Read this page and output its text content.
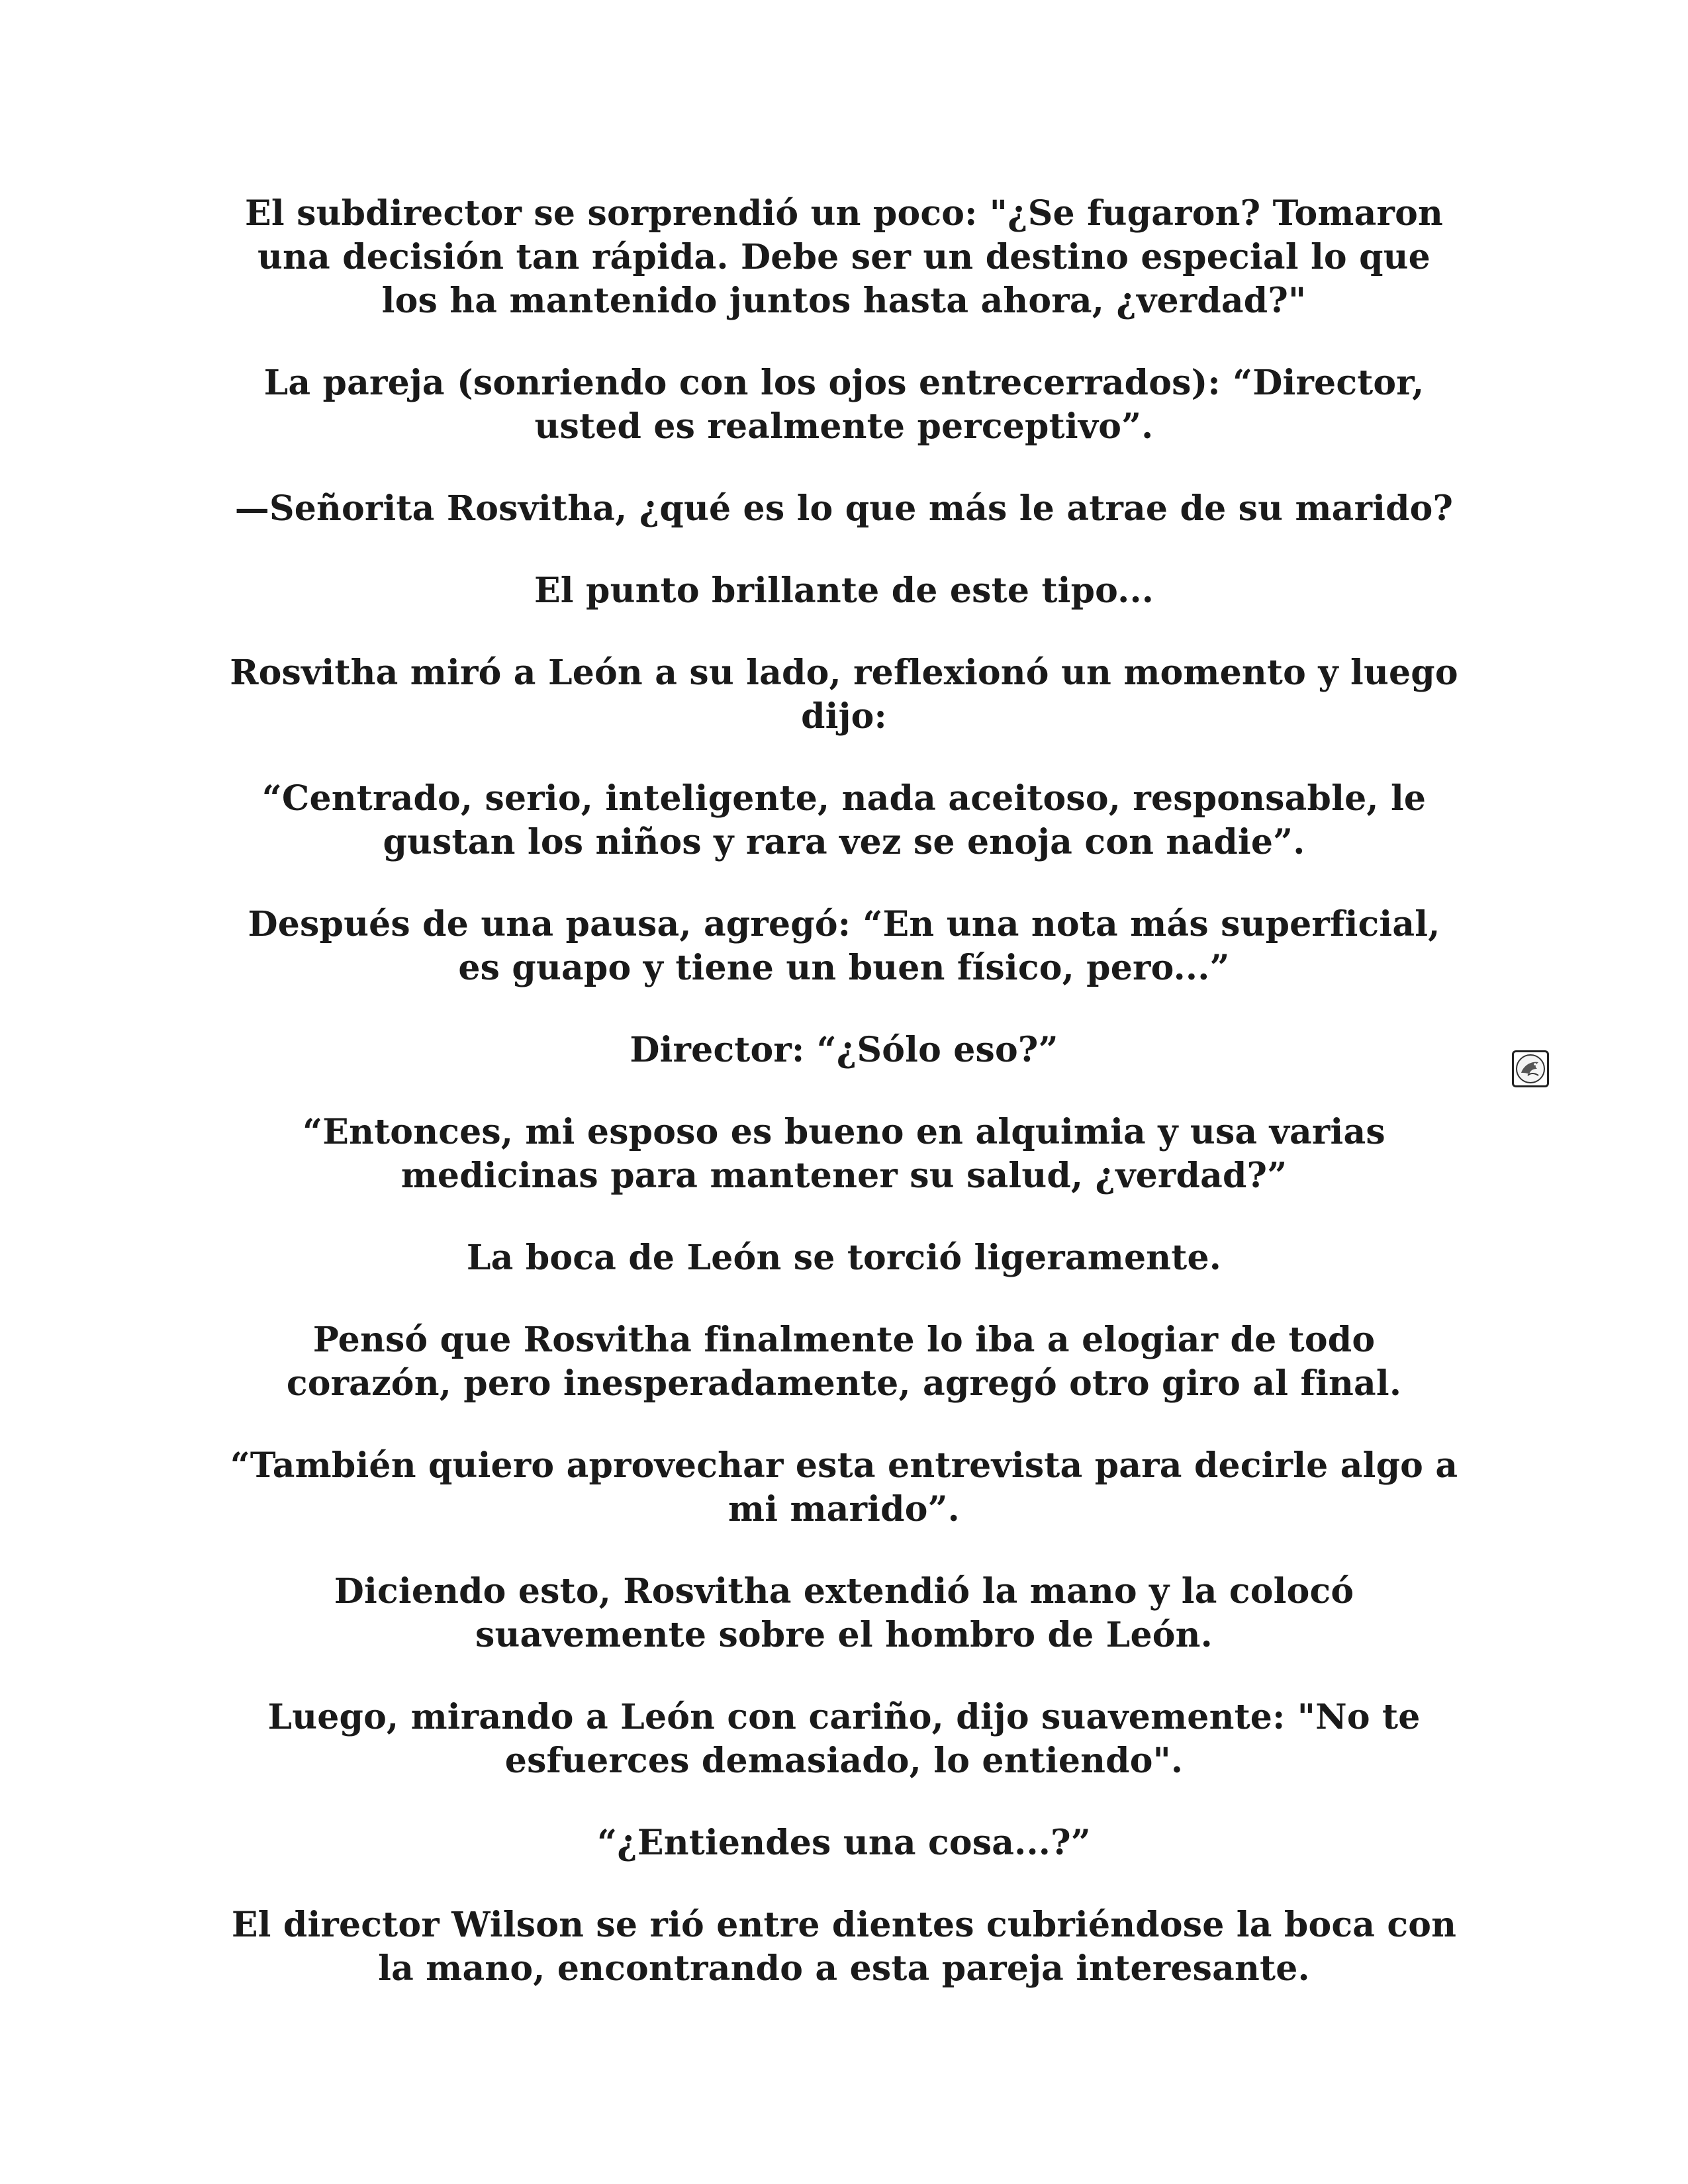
El subdirector se sorprendió un poco: "¿Se fugaron? Tomaron una decisión tan rápida. Debe ser un destino especial lo que los ha mantenido juntos hasta ahora, ¿verdad?"

La pareja (sonriendo con los ojos entrecerrados): “Director, usted es realmente perceptivo”.

—Señorita Rosvitha, ¿qué es lo que más le atrae de su marido?

El punto brillante de este tipo...

Rosvitha miró a León a su lado, reflexionó un momento y luego dijo:

“Centrado, serio, inteligente, nada aceitoso, responsable, le gustan los niños y rara vez se enoja con nadie”.

Después de una pausa, agregó: “En una nota más superficial, es guapo y tiene un buen físico, pero...”

Director: “¿Sólo eso?”

“Entonces, mi esposo es bueno en alquimia y usa varias medicinas para mantener su salud, ¿verdad?”

La boca de León se torció ligeramente.

Pensó que Rosvitha finalmente lo iba a elogiar de todo corazón, pero inesperadamente, agregó otro giro al final.

“También quiero aprovechar esta entrevista para decirle algo a mi marido”.

Diciendo esto, Rosvitha extendió la mano y la colocó suavemente sobre el hombro de León.

Luego, mirando a León con cariño, dijo suavemente: "No te esfuerces demasiado, lo entiendo".

“¿Entiendes una cosa...?”

El director Wilson se rió entre dientes cubriéndose la boca con la mano, encontrando a esta pareja interesante.
